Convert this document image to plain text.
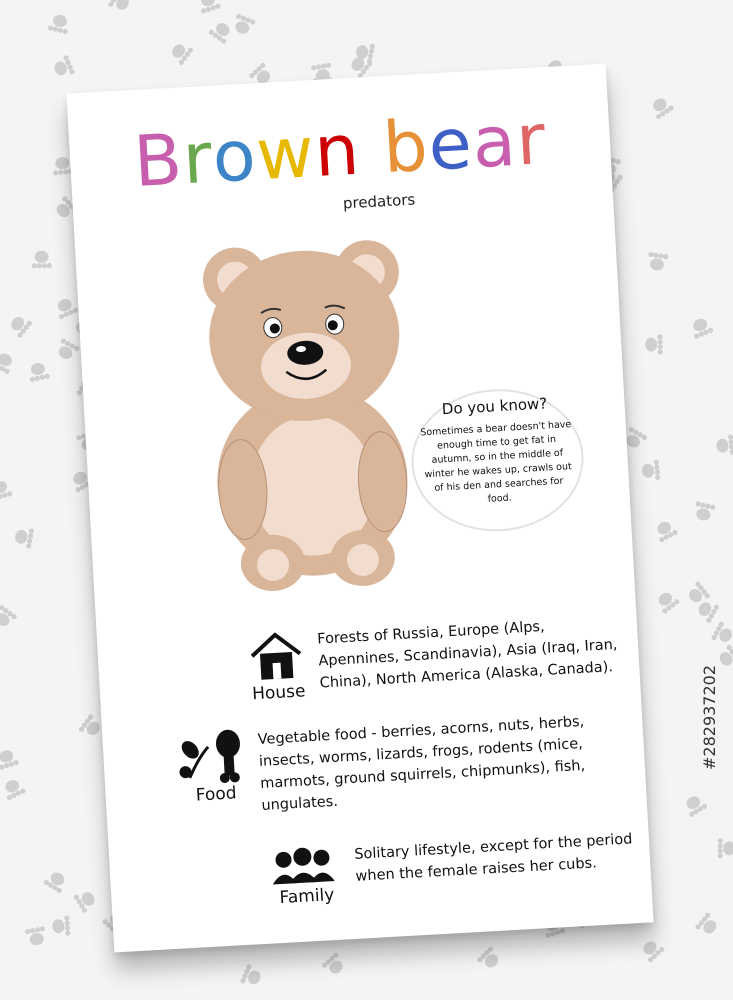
Brown bear
predators
Do you know?
Sometimes a bear doesn't have enough time to get fat in autumn, so in the middle of winter he wakes up, crawls out of his den and searches for food.
House
Forests of Russia, Europe (Alps, Apennines, Scandinavia), Asia (Iraq, Iran, China), North America (Alaska, Canada).
Food
Vegetable food - berries, acorns, nuts, herbs, insects, worms, lizards, frogs, rodents (mice, marmots, ground squirrels, chipmunks), fish, ungulates.
Family
Solitary lifestyle, except for the period when the female raises her cubs.
#282937202
